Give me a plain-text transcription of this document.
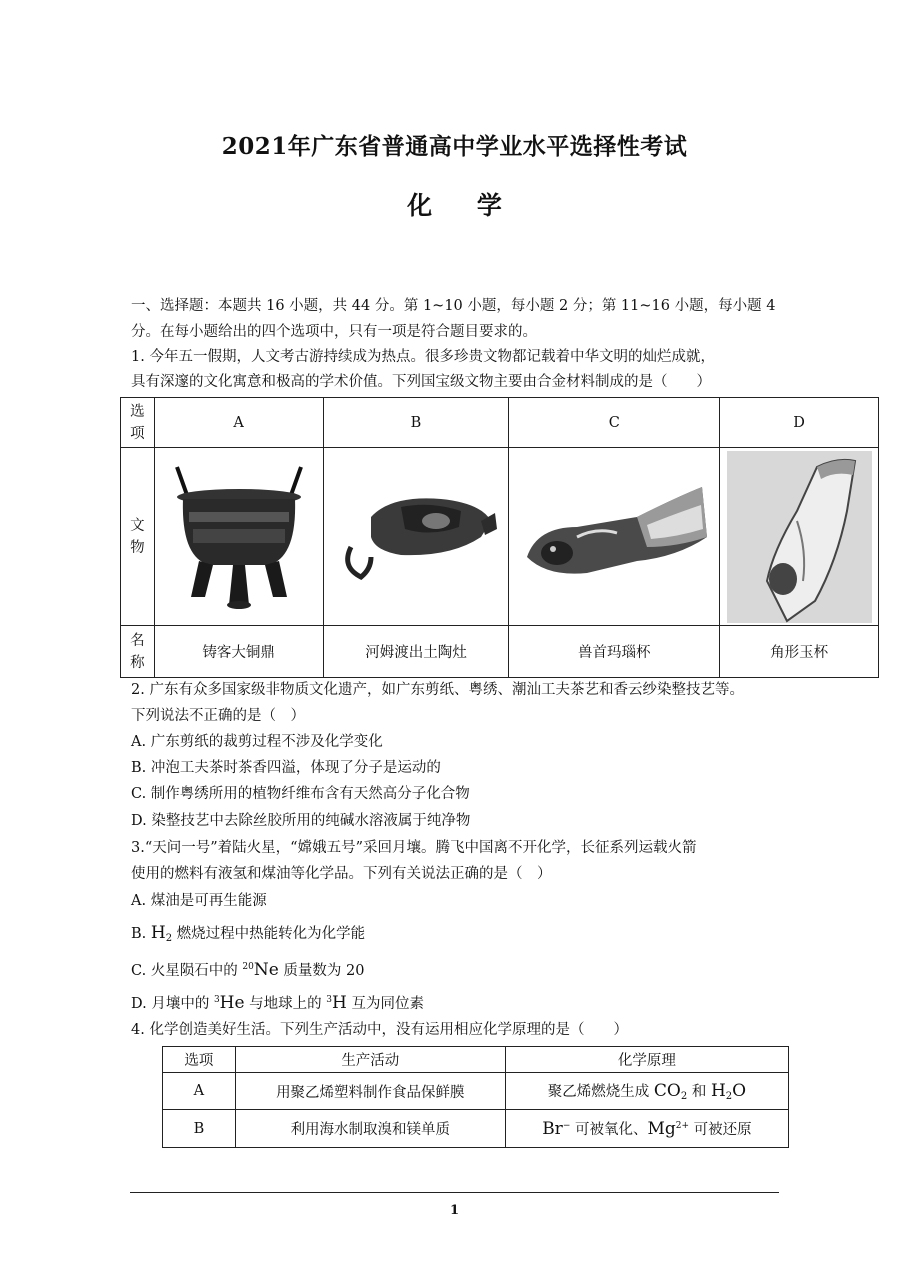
2021年广东省普通高中学业水平选择性考试
化 学
一、选择题：本题共 16 小题，共 44 分。第 1~10 小题，每小题 2 分；第 11~16 小题，每小题 4
分。在每小题给出的四个选项中，只有一项是符合题目要求的。
1. 今年五一假期，人文考古游持续成为热点。很多珍贵文物都记载着中华文明的灿烂成就，
具有深邃的文化寓意和极高的学术价值。下列国宝级文物主要由合金材料制成的是（　　）
选
项	A	B	C	D

文
物

名
称	铸客大铜鼎	河姆渡出土陶灶	兽首玛瑙杯	角形玉杯
2. 广东有众多国家级非物质文化遗产，如广东剪纸、粤绣、潮汕工夫茶艺和香云纱染整技艺等。
下列说法不正确的是（　）
A. 广东剪纸的裁剪过程不涉及化学变化
B. 冲泡工夫茶时茶香四溢，体现了分子是运动的
C. 制作粤绣所用的植物纤维布含有天然高分子化合物
D. 染整技艺中去除丝胶所用的纯碱水溶液属于纯净物
3.“天问一号”着陆火星，“嫦娥五号”采回月壤。腾飞中国离不开化学，长征系列运载火箭
使用的燃料有液氢和煤油等化学品。下列有关说法正确的是（　）
A. 煤油是可再生能源
B. $H_2$ 燃烧过程中热能转化为化学能
C. 火星陨石中的 $^{20}$Ne 质量数为 20
D. 月壤中的 $^3$He 与地球上的 $^3$H 互为同位素
4. 化学创造美好生活。下列生产活动中，没有运用相应化学原理的是（　　）
选项	生产活动	化学原理
A	用聚乙烯塑料制作食品保鲜膜	聚乙烯燃烧生成 $CO_2$ 和 $H_2O$
B	利用海水制取溴和镁单质	Br− 可被氧化、$Mg^{2+}$ 可被还原
1
